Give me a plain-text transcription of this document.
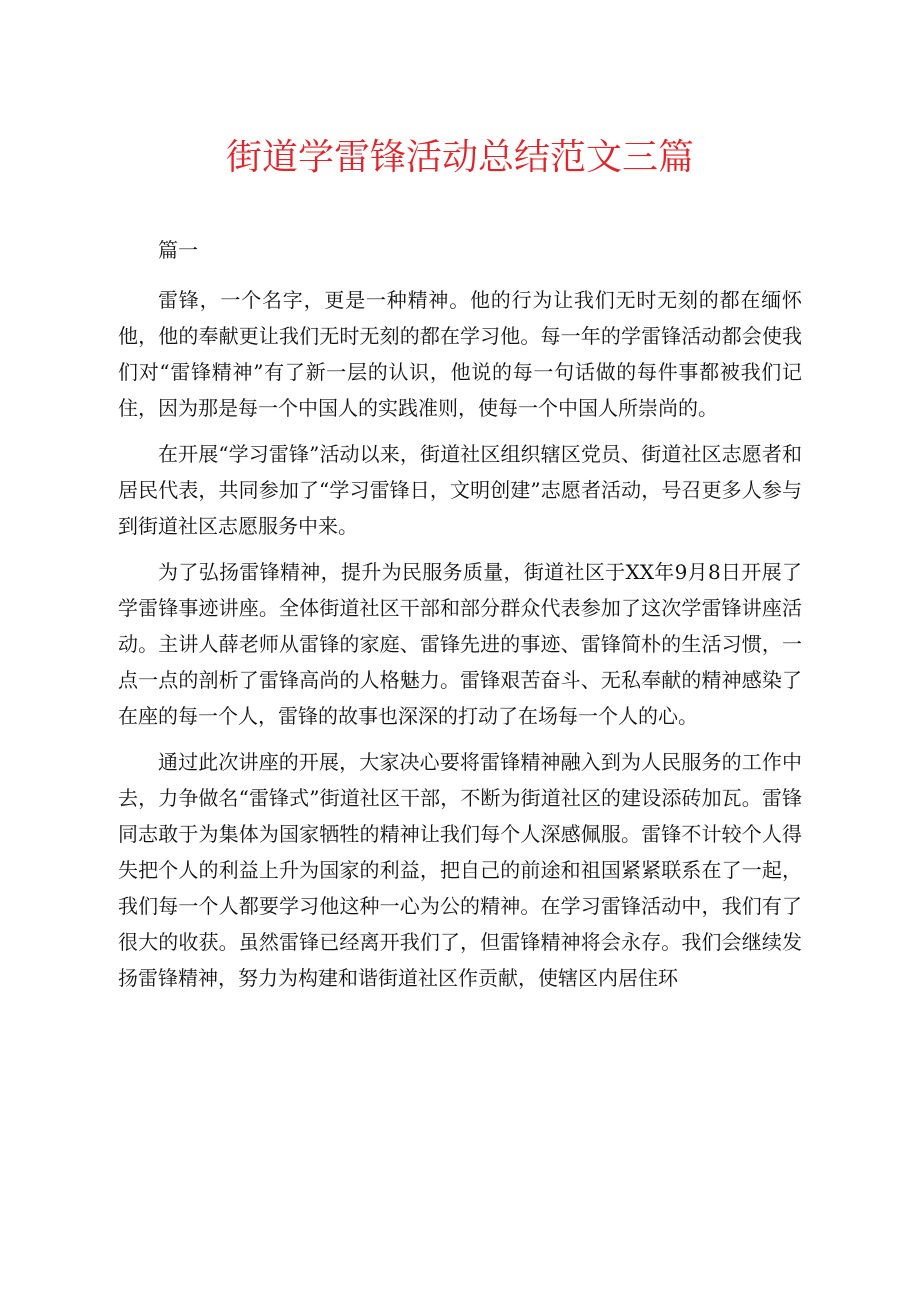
街道学雷锋活动总结范文三篇

篇一

雷锋，一个名字，更是一种精神。他的行为让我们无时无刻的都在缅怀他，他的奉献更让我们无时无刻的都在学习他。每一年的学雷锋活动都会使我们对“雷锋精神”有了新一层的认识，他说的每一句话做的每件事都被我们记住，因为那是每一个中国人的实践准则，使每一个中国人所崇尚的。

在开展“学习雷锋”活动以来，街道社区组织辖区党员、街道社区志愿者和居民代表，共同参加了“学习雷锋日，文明创建”志愿者活动，号召更多人参与到街道社区志愿服务中来。

为了弘扬雷锋精神，提升为民服务质量，街道社区于XX年9月8日开展了学雷锋事迹讲座。全体街道社区干部和部分群众代表参加了这次学雷锋讲座活动。主讲人薛老师从雷锋的家庭、雷锋先进的事迹、雷锋简朴的生活习惯，一点一点的剖析了雷锋高尚的人格魅力。雷锋艰苦奋斗、无私奉献的精神感染了在座的每一个人，雷锋的故事也深深的打动了在场每一个人的心。

通过此次讲座的开展，大家决心要将雷锋精神融入到为人民服务的工作中去，力争做名“雷锋式”街道社区干部，不断为街道社区的建设添砖加瓦。雷锋同志敢于为集体为国家牺牲的精神让我们每个人深感佩服。雷锋不计较个人得失把个人的利益上升为国家的利益，把自己的前途和祖国紧紧联系在了一起，我们每一个人都要学习他这种一心为公的精神。在学习雷锋活动中，我们有了很大的收获。虽然雷锋已经离开我们了，但雷锋精神将会永存。我们会继续发扬雷锋精神，努力为构建和谐街道社区作贡献，使辖区内居住环
